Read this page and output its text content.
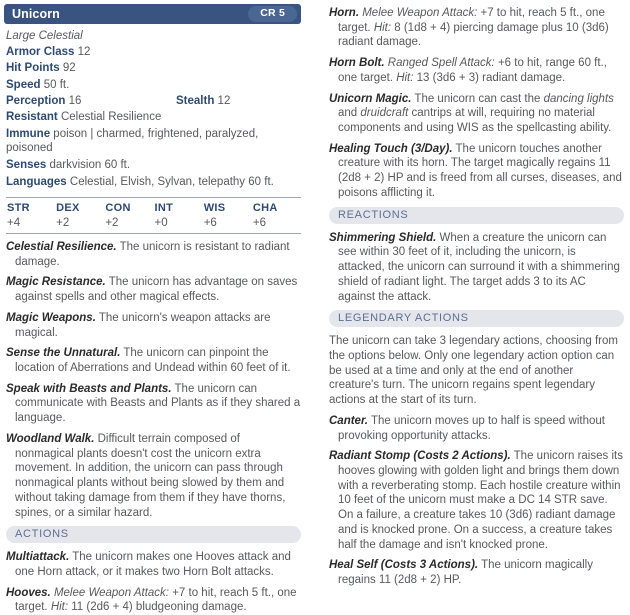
Unicorn	CR 5
Large Celestial
Armor Class 12
Hit Points 92
Speed 50 ft.
Perception 16	Stealth 12
Resistant Celestial Resilience
Immune poison | charmed, frightened, paralyzed, poisoned
Senses darkvision 60 ft.
Languages Celestial, Elvish, Sylvan, telepathy 60 ft.
STR	DEX	CON	INT	WIS	CHA
+4	+2	+2	+0	+6	+6
Celestial Resilience. The unicorn is resistant to radiant damage.
Magic Resistance. The unicorn has advantage on saves against spells and other magical effects.
Magic Weapons. The unicorn's weapon attacks are magical.
Sense the Unnatural. The unicorn can pinpoint the location of Aberrations and Undead within 60 feet of it.
Speak with Beasts and Plants. The unicorn can communicate with Beasts and Plants as if they shared a language.
Woodland Walk. Difficult terrain composed of nonmagical plants doesn't cost the unicorn extra movement. In addition, the unicorn can pass through nonmagical plants without being slowed by them and without taking damage from them if they have thorns, spines, or a similar hazard.
ACTIONS
Multiattack. The unicorn makes one Hooves attack and one Horn attack, or it makes two Horn Bolt attacks.
Hooves. Melee Weapon Attack: +7 to hit, reach 5 ft., one target. Hit: 11 (2d6 + 4) bludgeoning damage.
Horn. Melee Weapon Attack: +7 to hit, reach 5 ft., one target. Hit: 8 (1d8 + 4) piercing damage plus 10 (3d6) radiant damage.
Horn Bolt. Ranged Spell Attack: +6 to hit, range 60 ft., one target. Hit: 13 (3d6 + 3) radiant damage.
Unicorn Magic. The unicorn can cast the dancing lights and druidcraft cantrips at will, requiring no material components and using WIS as the spellcasting ability.
Healing Touch (3/Day). The unicorn touches another creature with its horn. The target magically regains 11 (2d8 + 2) HP and is freed from all curses, diseases, and poisons afflicting it.
REACTIONS
Shimmering Shield. When a creature the unicorn can see within 30 feet of it, including the unicorn, is attacked, the unicorn can surround it with a shimmering shield of radiant light. The target adds 3 to its AC against the attack.
LEGENDARY ACTIONS
The unicorn can take 3 legendary actions, choosing from the options below. Only one legendary action option can be used at a time and only at the end of another creature's turn. The unicorn regains spent legendary actions at the start of its turn.
Canter. The unicorn moves up to half is speed without provoking opportunity attacks.
Radiant Stomp (Costs 2 Actions). The unicorn raises its hooves glowing with golden light and brings them down with a reverberating stomp. Each hostile creature within 10 feet of the unicorn must make a DC 14 STR save. On a failure, a creature takes 10 (3d6) radiant damage and is knocked prone. On a success, a creature takes half the damage and isn't knocked prone.
Heal Self (Costs 3 Actions). The unicorn magically regains 11 (2d8 + 2) HP.
